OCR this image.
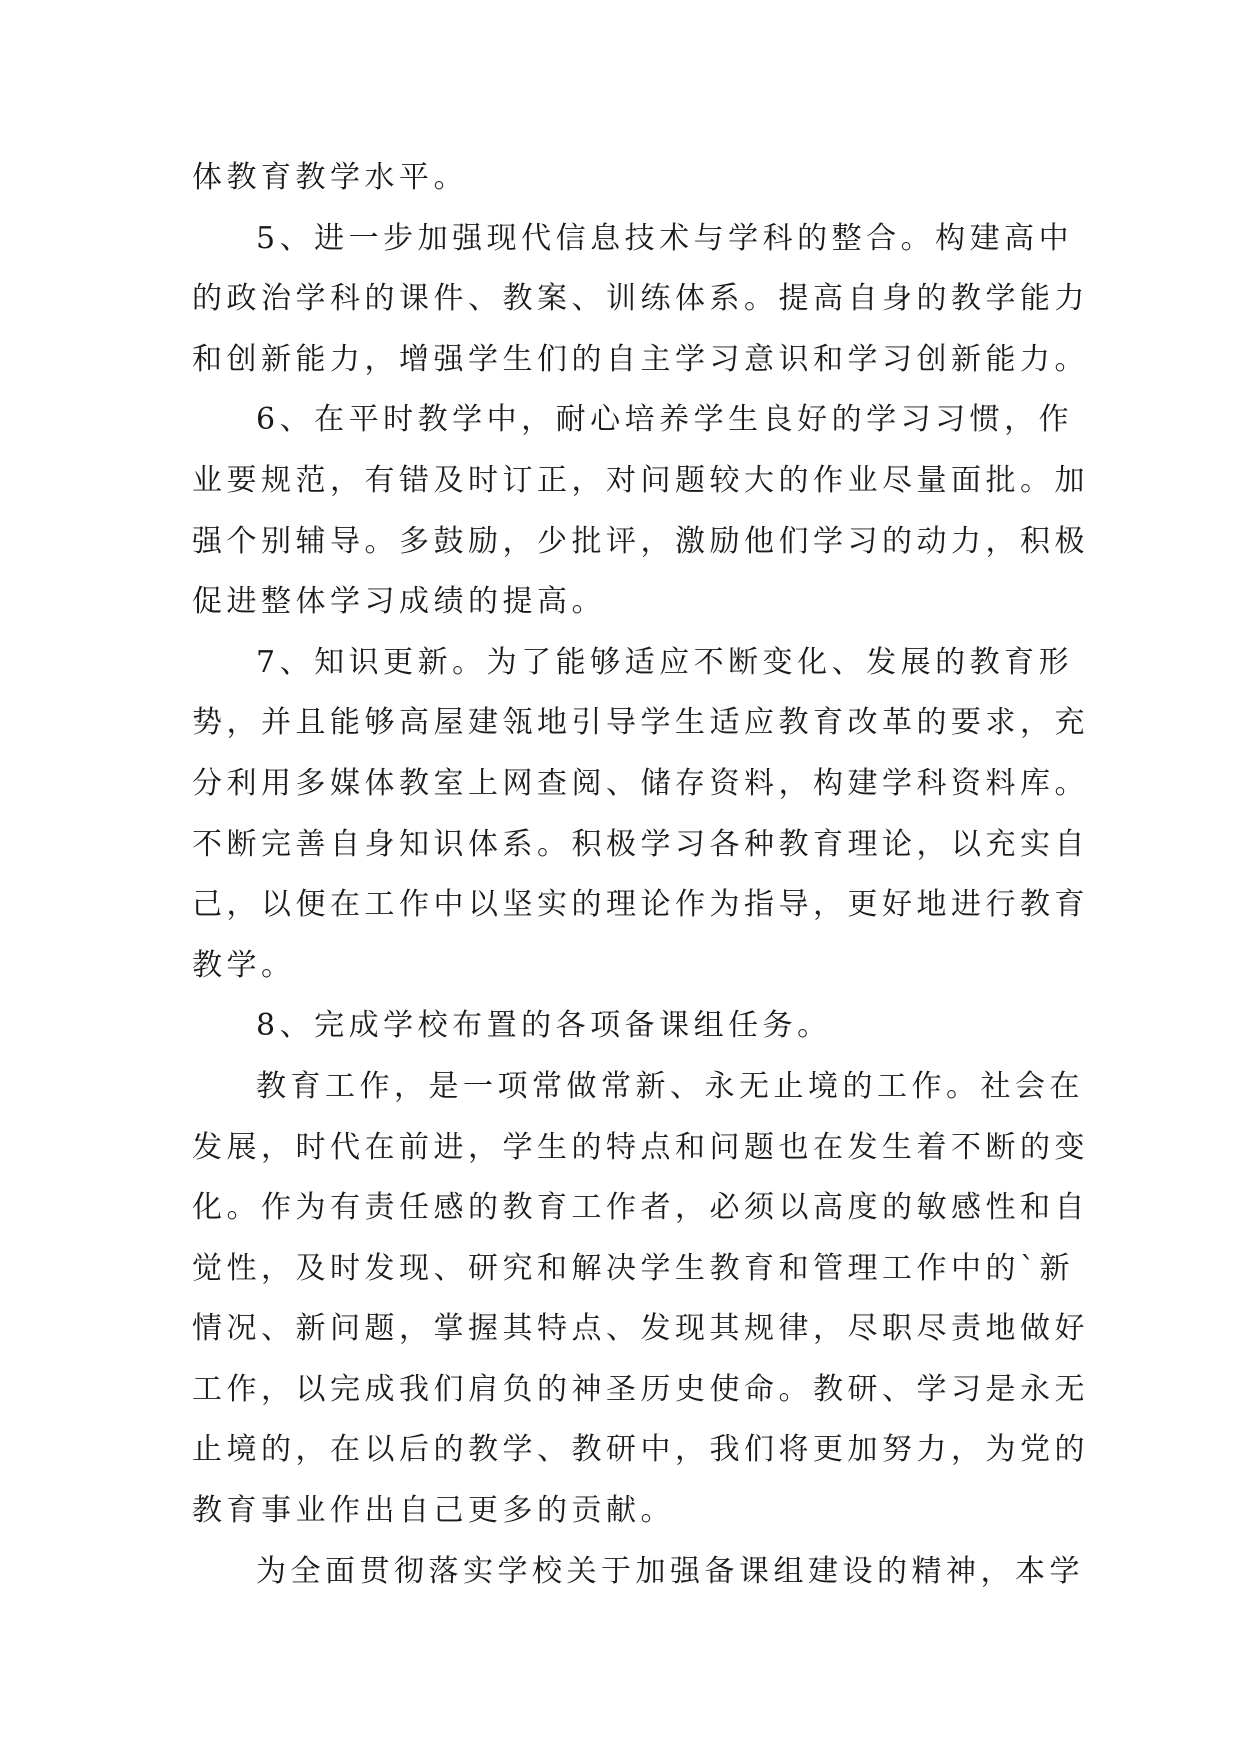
体教育教学水平。
5、进一步加强现代信息技术与学科的整合。构建高中
的政治学科的课件、教案、训练体系。提高自身的教学能力
和创新能力，增强学生们的自主学习意识和学习创新能力。
6、在平时教学中，耐心培养学生良好的学习习惯，作
业要规范，有错及时订正，对问题较大的作业尽量面批。加
强个别辅导。多鼓励，少批评，激励他们学习的动力，积极
促进整体学习成绩的提高。
7、知识更新。为了能够适应不断变化、发展的教育形
势，并且能够高屋建瓴地引导学生适应教育改革的要求，充
分利用多媒体教室上网查阅、储存资料，构建学科资料库。
不断完善自身知识体系。积极学习各种教育理论，以充实自
己，以便在工作中以坚实的理论作为指导，更好地进行教育
教学。
8、完成学校布置的各项备课组任务。
教育工作，是一项常做常新、永无止境的工作。社会在
发展，时代在前进，学生的特点和问题也在发生着不断的变
化。作为有责任感的教育工作者，必须以高度的敏感性和自
觉性，及时发现、研究和解决学生教育和管理工作中的`新
情况、新问题，掌握其特点、发现其规律，尽职尽责地做好
工作，以完成我们肩负的神圣历史使命。教研、学习是永无
止境的，在以后的教学、教研中，我们将更加努力，为党的
教育事业作出自己更多的贡献。
为全面贯彻落实学校关于加强备课组建设的精神，本学
